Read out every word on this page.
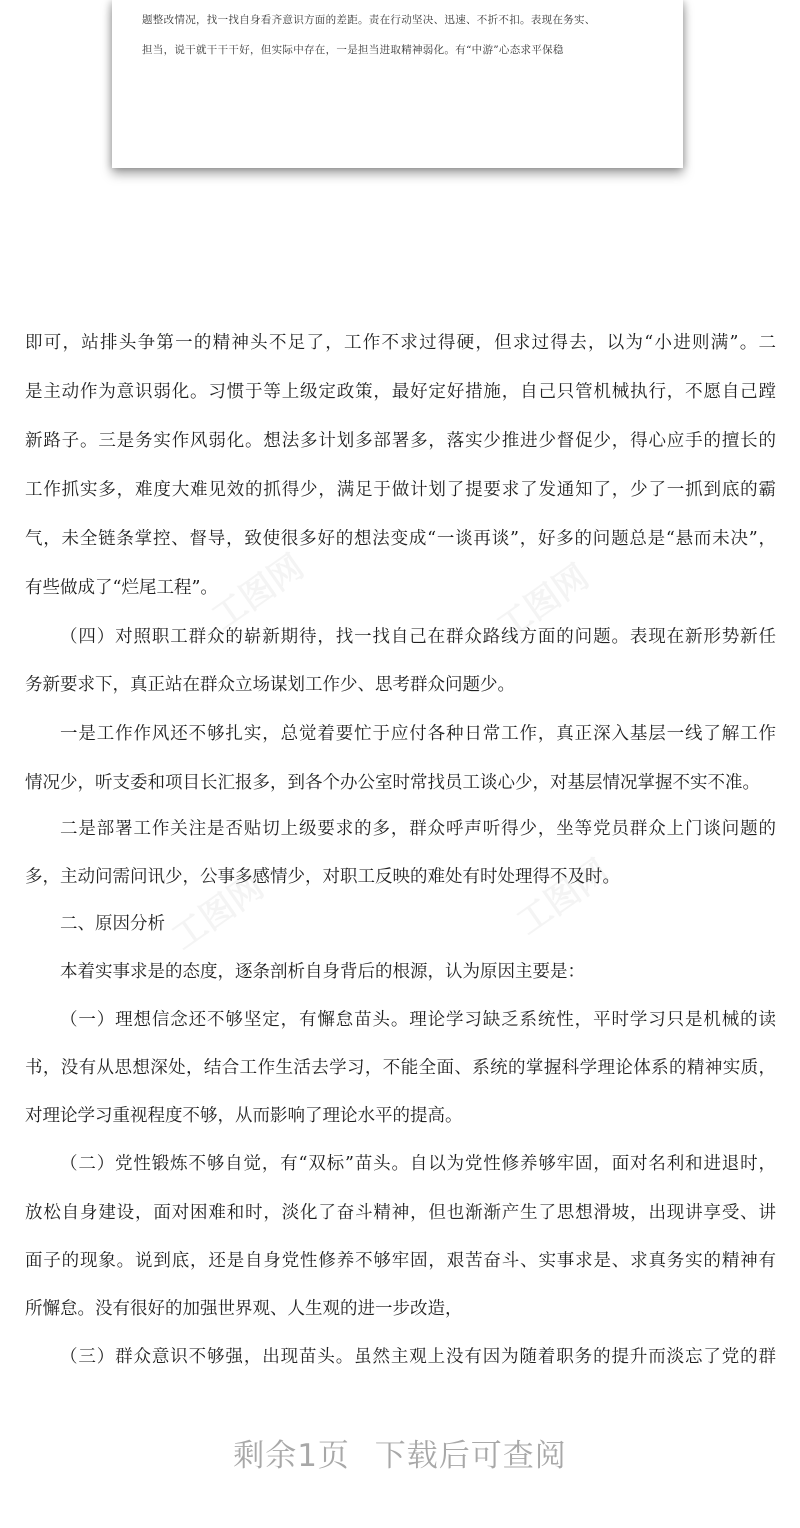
题整改情况，找一找自身看齐意识方面的差距。责在行动坚决、迅速、不折不扣。表现在务实、
担当，说干就干干干好，但实际中存在，一是担当进取精神弱化。有“中游”心态求平保稳
即可，站排头争第一的精神头不足了，工作不求过得硬，但求过得去，以为“小进则满”。二
是主动作为意识弱化。习惯于等上级定政策，最好定好措施，自己只管机械执行，不愿自己蹚
新路子。三是务实作风弱化。想法多计划多部署多，落实少推进少督促少，得心应手的擅长的
工作抓实多，难度大难见效的抓得少，满足于做计划了提要求了发通知了，少了一抓到底的霸
气，未全链条掌控、督导，致使很多好的想法变成“一谈再谈”，好多的问题总是“悬而未决”，
有些做成了“烂尾工程”。
（四）对照职工群众的崭新期待，找一找自己在群众路线方面的问题。表现在新形势新任
务新要求下，真正站在群众立场谋划工作少、思考群众问题少。
一是工作作风还不够扎实，总觉着要忙于应付各种日常工作，真正深入基层一线了解工作
情况少，听支委和项目长汇报多，到各个办公室时常找员工谈心少，对基层情况掌握不实不准。
二是部署工作关注是否贴切上级要求的多，群众呼声听得少，坐等党员群众上门谈问题的
多，主动问需问讯少，公事多感情少，对职工反映的难处有时处理得不及时。
二、原因分析
本着实事求是的态度，逐条剖析自身背后的根源，认为原因主要是：
（一）理想信念还不够坚定，有懈怠苗头。理论学习缺乏系统性，平时学习只是机械的读
书，没有从思想深处，结合工作生活去学习，不能全面、系统的掌握科学理论体系的精神实质，
对理论学习重视程度不够，从而影响了理论水平的提高。
（二）党性锻炼不够自觉，有“双标”苗头。自以为党性修养够牢固，面对名利和进退时，
放松自身建设，面对困难和时，淡化了奋斗精神，但也渐渐产生了思想滑坡，出现讲享受、讲
面子的现象。说到底，还是自身党性修养不够牢固，艰苦奋斗、实事求是、求真务实的精神有
所懈怠。没有很好的加强世界观、人生观的进一步改造，
（三）群众意识不够强，出现苗头。虽然主观上没有因为随着职务的提升而淡忘了党的群
剩余1页 下载后可查阅
